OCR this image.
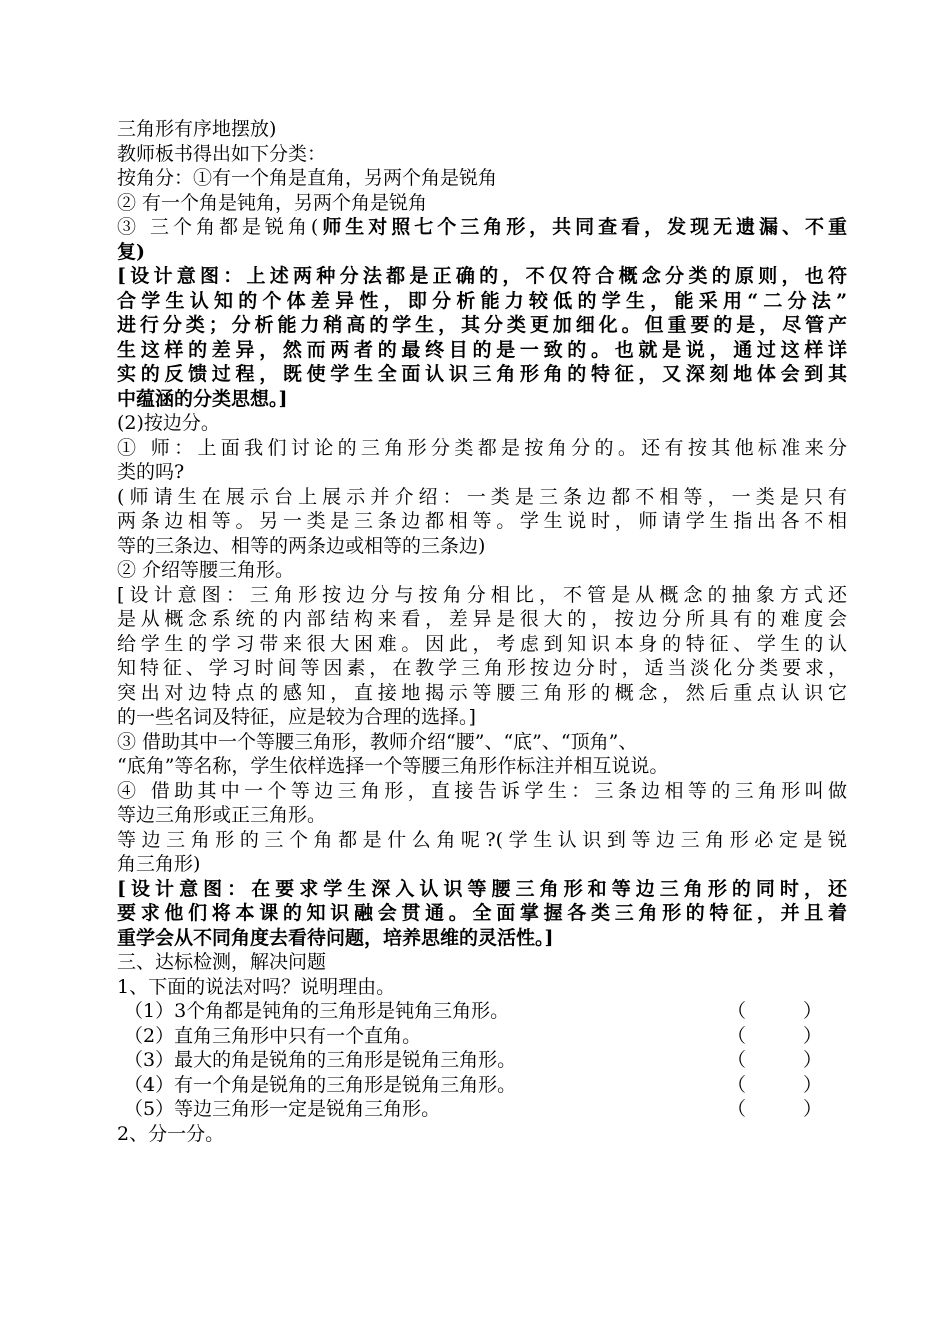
三角形有序地摆放)
教师板书得出如下分类：
按角分：①有一个角是直角，另两个角是锐角
② 有一个角是钝角，另两个角是锐角
③ 三个角都是锐角(师生对照七个三角形，共同查看，发现无遗漏、不重
复)
[设计意图：上述两种分法都是正确的，不仅符合概念分类的原则，也符
合学生认知的个体差异性，即分析能力较低的学生，能采用“二分法”
进行分类；分析能力稍高的学生，其分类更加细化。但重要的是，尽管产
生这样的差异，然而两者的最终目的是一致的。也就是说，通过这样详
实的反馈过程，既使学生全面认识三角形角的特征，又深刻地体会到其
中蕴涵的分类思想。]
(2)按边分。
① 师：上面我们讨论的三角形分类都是按角分的。还有按其他标准来分
类的吗?
(师请生在展示台上展示并介绍：一类是三条边都不相等，一类是只有
两条边相等。另一类是三条边都相等。学生说时，师请学生指出各不相
等的三条边、相等的两条边或相等的三条边)
② 介绍等腰三角形。
[设计意图：三角形按边分与按角分相比，不管是从概念的抽象方式还
是从概念系统的内部结构来看，差异是很大的，按边分所具有的难度会
给学生的学习带来很大困难。因此，考虑到知识本身的特征、学生的认
知特征、学习时间等因素，在教学三角形按边分时，适当淡化分类要求，
突出对边特点的感知，直接地揭示等腰三角形的概念，然后重点认识它
的一些名词及特征，应是较为合理的选择。]
③ 借助其中一个等腰三角形，教师介绍“腰”、“底”、“顶角”、
“底角”等名称，学生依样选择一个等腰三角形作标注并相互说说。
④ 借助其中一个等边三角形，直接告诉学生：三条边相等的三角形叫做
等边三角形或正三角形。
等边三角形的三个角都是什么角呢?(学生认识到等边三角形必定是锐
角三角形)
[设计意图：在要求学生深入认识等腰三角形和等边三角形的同时，还
要求他们将本课的知识融会贯通。全面掌握各类三角形的特征，并且着
重学会从不同角度去看待问题，培养思维的灵活性。]
三、达标检测，解决问题
1、下面的说法对吗？说明理由。
（1）3个角都是钝角的三角形是钝角三角形。	（　　　）
（2）直角三角形中只有一个直角。	（　　　）
（3）最大的角是锐角的三角形是锐角三角形。	（　　　）
（4）有一个角是锐角的三角形是锐角三角形。	（　　　）
（5）等边三角形一定是锐角三角形。	（　　　）
2、分一分。
